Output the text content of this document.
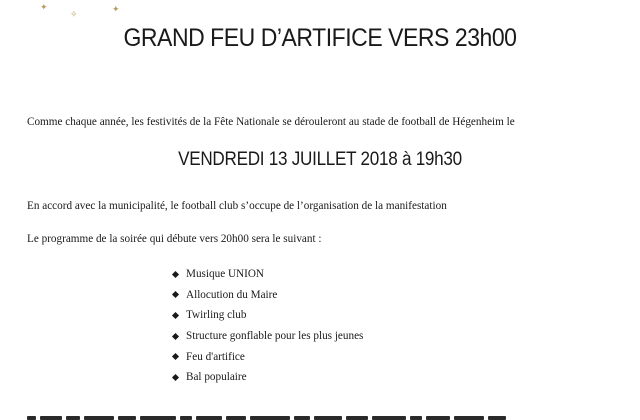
✦
✧	✦
GRAND FEU D’ARTIFICE VERS 23h00
Comme chaque année, les festivités de la Fête Nationale se dérouleront au stade de football de Hégenheim le
VENDREDI 13 JUILLET 2018 à 19h30
En accord avec la municipalité, le football club s’occupe de l’organisation de la manifestation
Le programme de la soirée qui débute vers 20h00 sera le suivant :
Musique UNION
Allocution du Maire
Twirling club
Structure gonflable pour les plus jeunes
Feu d'artifice
Bal populaire
